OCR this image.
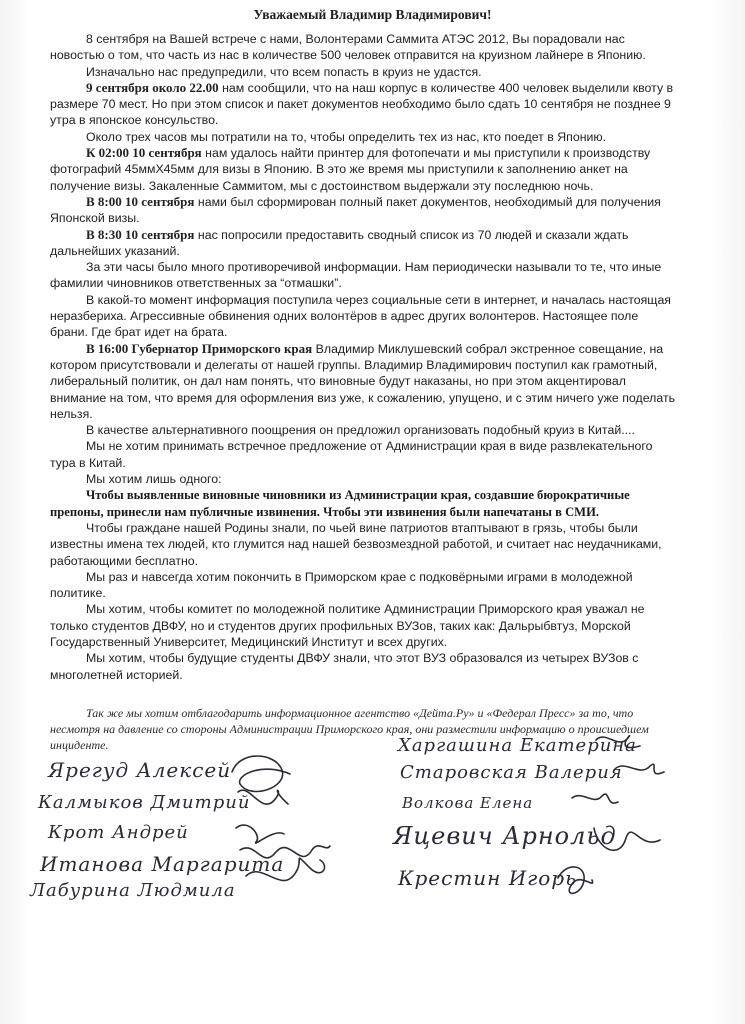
Уважаемый Владимир Владимирович!

8 сентября на Вашей встрече с нами, Волонтерами Саммита АТЭС 2012, Вы порадовали нас новостью о том, что часть из нас в количестве 500 человек отправится на круизном лайнере в Японию.

Изначально нас предупредили, что всем попасть в круиз не удастся.

9 сентября около 22.00 нам сообщили, что на наш корпус в количестве 400 человек выделили квоту в размере 70 мест. Но при этом список и пакет документов необходимо было сдать 10 сентября не позднее 9 утра в японское консульство.

Около трех часов мы потратили на то, чтобы определить тех из нас, кто поедет в Японию.

К 02:00 10 сентября нам удалось найти принтер для фотопечати и мы приступили к производству фотографий 45ммХ45мм для визы в Японию. В это же время мы приступили к заполнению анкет на получение визы. Закаленные Саммитом, мы с достоинством выдержали эту последнюю ночь.

В 8:00 10 сентября нами был сформирован полный пакет документов, необходимый для получения Японской визы.

В 8:30 10 сентября нас попросили предоставить сводный список из 70 людей и сказали ждать дальнейших указаний.

За эти часы было много противоречивой информации. Нам периодически называли то те, что иные фамилии чиновников ответственных за “отмашки”.

В какой-то момент информация поступила через социальные сети в интернет, и началась настоящая неразбериха. Агрессивные обвинения одних волонтёров в адрес других волонтеров. Настоящее поле брани. Где брат идет на брата.

В 16:00 Губернатор Приморского края Владимир Миклушевский собрал экстренное совещание, на котором присутствовали и делегаты от нашей группы. Владимир Владимирович поступил как грамотный, либеральный политик, он дал нам понять, что виновные будут наказаны, но при этом акцентировал внимание на том, что время для оформления виз уже, к сожалению, упущено, и с этим ничего уже поделать нельзя.

В качестве альтернативного поощрения он предложил организовать подобный круиз в Китай....

Мы не хотим принимать встречное предложение от Администрации края в виде развлекательного тура в Китай.

Мы хотим лишь одного:

Чтобы выявленные виновные чиновники из Администрации края, создавшие бюрократичные препоны, принесли нам публичные извинения. Чтобы эти извинения были напечатаны в СМИ.

Чтобы граждане нашей Родины знали, по чьей вине патриотов втаптывают в грязь, чтобы были известны имена тех людей, кто глумится над нашей безвозмездной работой, и считает нас неудачниками, работающими бесплатно.

Мы раз и навсегда хотим покончить в Приморском крае с подковёрными играми в молодежной политике.

Мы хотим, чтобы комитет по молодежной политике Администрации Приморского края уважал не только студентов ДВФУ, но и студентов других профильных ВУЗов, таких как: Дальрыбвтуз, Морской Государственный Университет, Медицинский Институт и всех других.

Мы хотим, чтобы будущие студенты ДВФУ знали, что этот ВУЗ образовался из четырех ВУЗов с многолетней историей.

Так же мы хотим отблагодарить информационное агентство «Дейта.Ру» и «Федерал Пресс» за то, что несмотря на давление со стороны Администрации Приморского края, они разместили информацию о происшедшем инциденте.
Ярегуд Алексей
Калмыков Дмитрий
Крот Андрей
Итанова Маргарита
Лабурина Людмила
Харгашина Екатерина
Старовская Валерия
Волкова Елена
Яцевич Арнольд
Крестин Игорь
